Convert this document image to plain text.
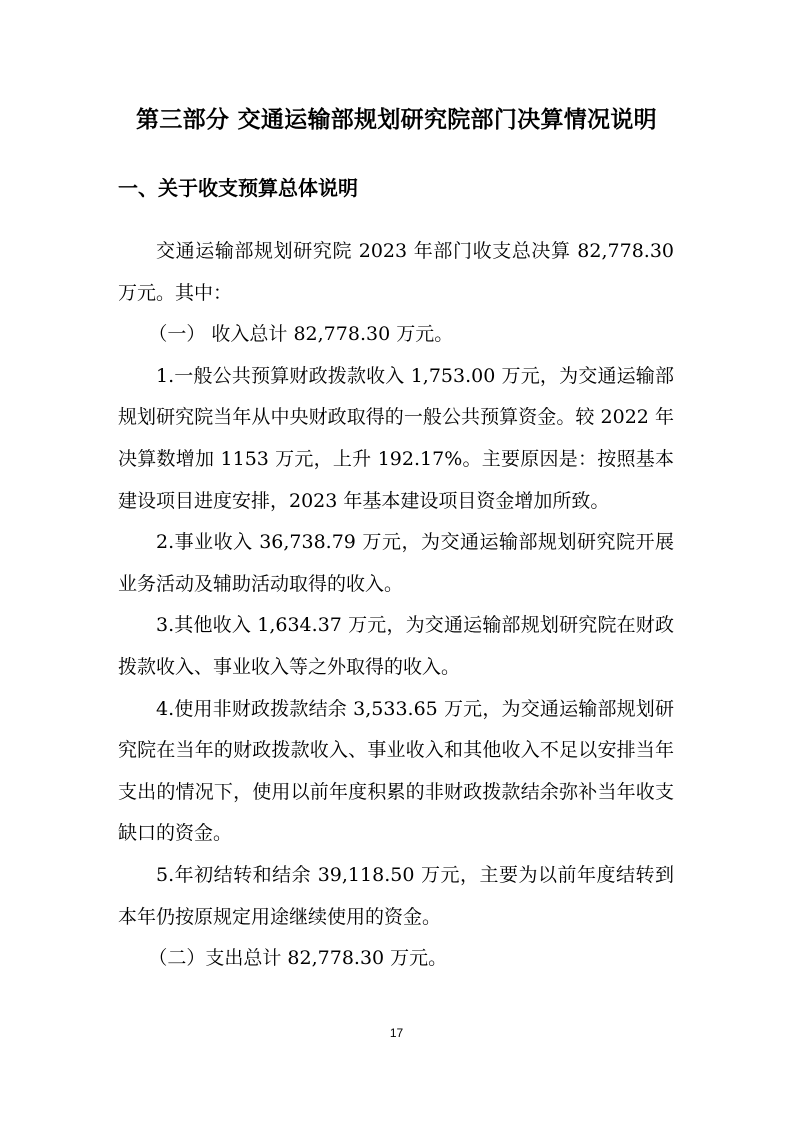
第三部分 交通运输部规划研究院部门决算情况说明
一、关于收支预算总体说明

交通运输部规划研究院 2023 年部门收支总决算 82,778.30 万元。其中：

（一） 收入总计 82,778.30 万元。

1.一般公共预算财政拨款收入 1,753.00 万元，为交通运输部规划研究院当年从中央财政取得的一般公共预算资金。较 2022 年决算数增加 1153 万元，上升 192.17%。主要原因是：按照基本建设项目进度安排，2023 年基本建设项目资金增加所致。

2.事业收入 36,738.79 万元，为交通运输部规划研究院开展业务活动及辅助活动取得的收入。

3.其他收入 1,634.37 万元，为交通运输部规划研究院在财政拨款收入、事业收入等之外取得的收入。

4.使用非财政拨款结余 3,533.65 万元，为交通运输部规划研究院在当年的财政拨款收入、事业收入和其他收入不足以安排当年支出的情况下，使用以前年度积累的非财政拨款结余弥补当年收支缺口的资金。

5.年初结转和结余 39,118.50 万元，主要为以前年度结转到本年仍按原规定用途继续使用的资金。

（二）支出总计 82,778.30 万元。

17
